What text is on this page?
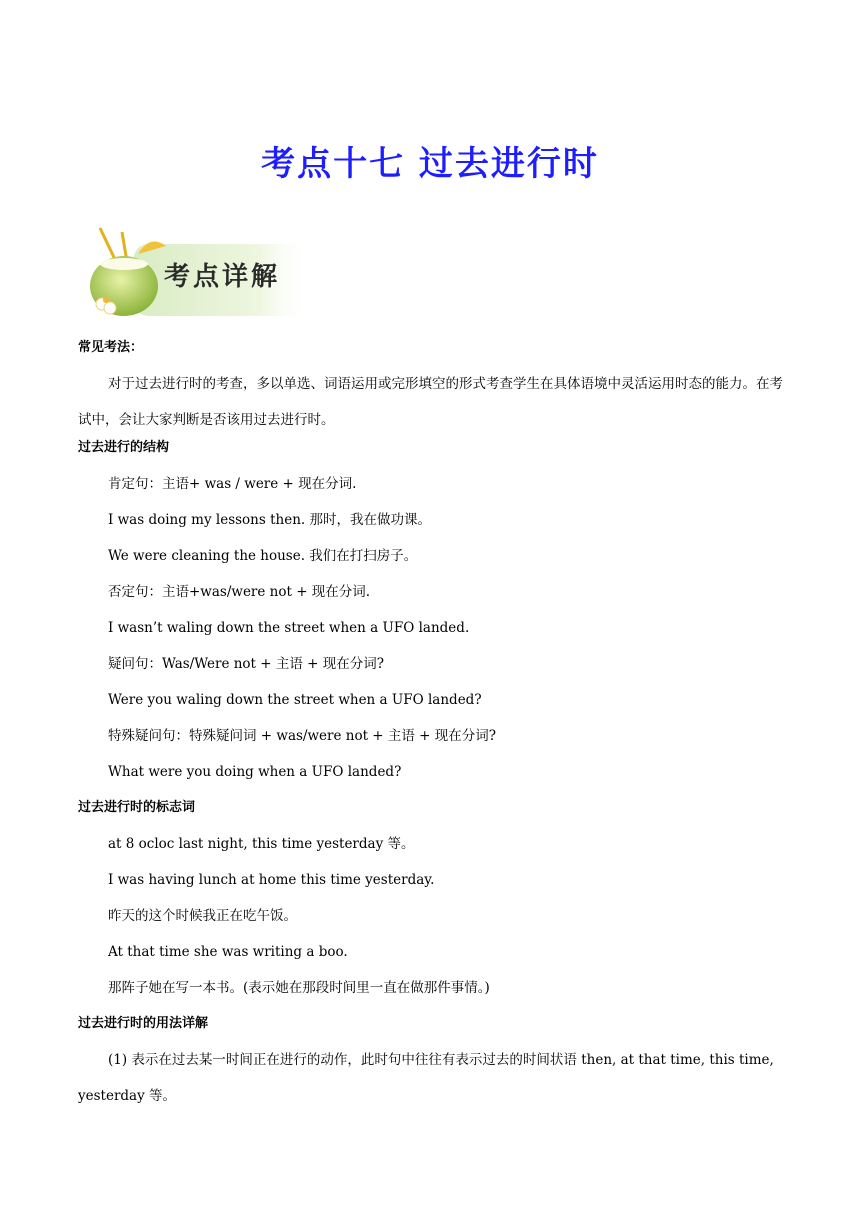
考点十七 过去进行时
考点详解
常见考法：
对于过去进行时的考查，多以单选、词语运用或完形填空的形式考查学生在具体语境中灵活运用时态的能力。在考试中，会让大家判断是否该用过去进行时。
过去进行的结构
肯定句：主语+ was / were + 现在分词.
I was doing my lessons then. 那时，我在做功课。
We were cleaning the house. 我们在打扫房子。
否定句：主语+was/were not + 现在分词.
I wasn’t waling down the street when a UFO landed.
疑问句：Was/Were not + 主语 + 现在分词?
Were you waling down the street when a UFO landed?
特殊疑问句：特殊疑问词 + was/were not + 主语 + 现在分词?
What were you doing when a UFO landed?
过去进行时的标志词
at 8 ocloc last night, this time yesterday 等。
I was having lunch at home this time yesterday.
昨天的这个时候我正在吃午饭。
At that time she was writing a boo.
那阵子她在写一本书。(表示她在那段时间里一直在做那件事情。)
过去进行时的用法详解
(1) 表示在过去某一时间正在进行的动作，此时句中往往有表示过去的时间状语 then, at that time, this time, yesterday 等。
